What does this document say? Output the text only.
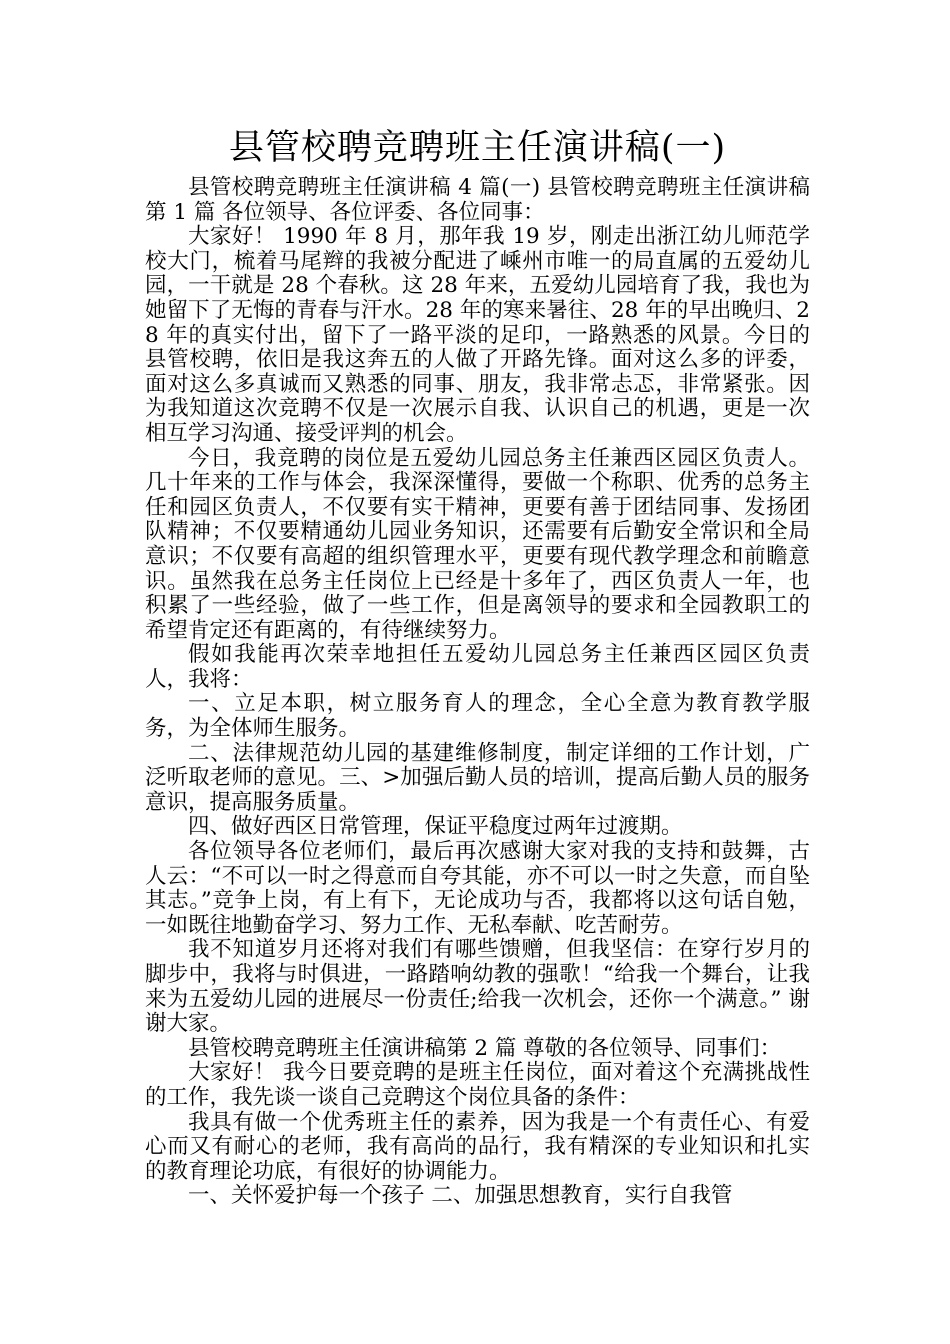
县管校聘竞聘班主任演讲稿(一)

县管校聘竞聘班主任演讲稿 4 篇(一) 县管校聘竞聘班主任演讲稿第 1 篇 各位领导、各位评委、各位同事：

大家好！ 1990 年 8 月，那年我 19 岁，刚走出浙江幼儿师范学校大门，梳着马尾辫的我被分配进了嵊州市唯一的局直属的五爱幼儿园，一干就是 28 个春秋。这 28 年来，五爱幼儿园培育了我，我也为她留下了无悔的青春与汗水。28 年的寒来暑往、28 年的早出晚归、28 年的真实付出，留下了一路平淡的足印，一路熟悉的风景。今日的县管校聘，依旧是我这奔五的人做了开路先锋。面对这么多的评委，面对这么多真诚而又熟悉的同事、朋友，我非常忐忑，非常紧张。因为我知道这次竞聘不仅是一次展示自我、认识自己的机遇，更是一次相互学习沟通、接受评判的机会。

今日，我竞聘的岗位是五爱幼儿园总务主任兼西区园区负责人。几十年来的工作与体会，我深深懂得，要做一个称职、优秀的总务主任和园区负责人，不仅要有实干精神，更要有善于团结同事、发扬团队精神；不仅要精通幼儿园业务知识，还需要有后勤安全常识和全局意识；不仅要有高超的组织管理水平，更要有现代教学理念和前瞻意识。虽然我在总务主任岗位上已经是十多年了，西区负责人一年，也积累了一些经验，做了一些工作，但是离领导的要求和全园教职工的希望肯定还有距离的，有待继续努力。

假如我能再次荣幸地担任五爱幼儿园总务主任兼西区园区负责人，我将：

一、立足本职，树立服务育人的理念，全心全意为教育教学服务，为全体师生服务。

二、法律规范幼儿园的基建维修制度，制定详细的工作计划，广泛听取老师的意见。三、>加强后勤人员的培训，提高后勤人员的服务意识，提高服务质量。

四、做好西区日常管理，保证平稳度过两年过渡期。

各位领导各位老师们，最后再次感谢大家对我的支持和鼓舞，古人云：“不可以一时之得意而自夸其能，亦不可以一时之失意，而自坠其志。”竞争上岗，有上有下，无论成功与否，我都将以这句话自勉，一如既往地勤奋学习、努力工作、无私奉献、吃苦耐劳。

我不知道岁月还将对我们有哪些馈赠，但我坚信：在穿行岁月的脚步中，我将与时俱进，一路踏响幼教的强歌！“给我一个舞台，让我来为五爱幼儿园的进展尽一份责任;给我一次机会，还你一个满意。” 谢谢大家。

县管校聘竞聘班主任演讲稿第 2 篇 尊敬的各位领导、同事们：

大家好！ 我今日要竞聘的是班主任岗位，面对着这个充满挑战性的工作，我先谈一谈自己竞聘这个岗位具备的条件：

我具有做一个优秀班主任的素养，因为我是一个有责任心、有爱心而又有耐心的老师，我有高尚的品行，我有精深的专业知识和扎实的教育理论功底，有很好的协调能力。

一、关怀爱护每一个孩子 二、加强思想教育，实行自我管
